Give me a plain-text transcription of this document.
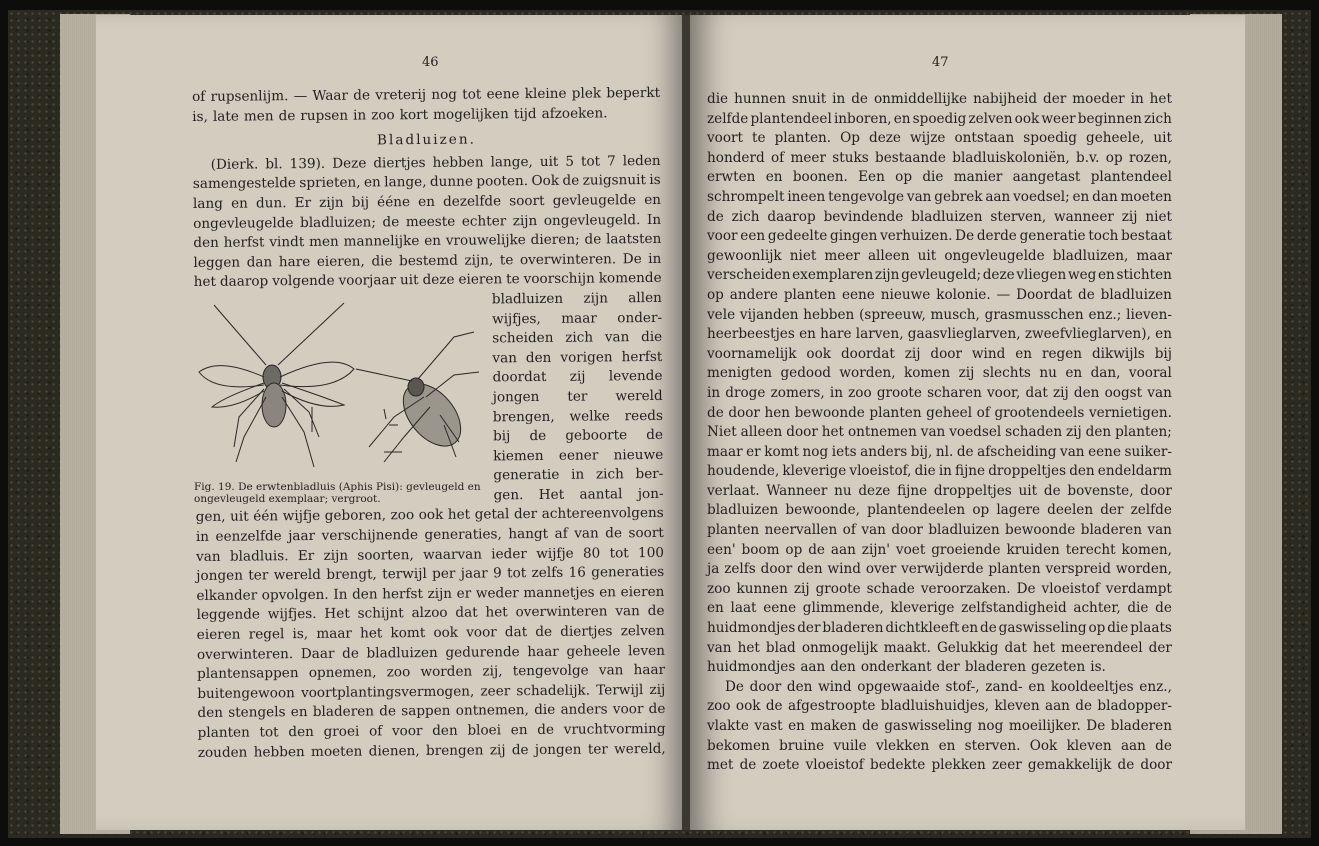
46
of rupsenlijm. — Waar de vreterij nog tot eene kleine plek beperkt
is, late men de rupsen in zoo kort mogelijken tijd afzoeken.
Bladluizen.
(Dierk. bl. 139). Deze diertjes hebben lange, uit 5 tot 7 leden
samengestelde sprieten, en lange, dunne pooten. Ook de zuigsnuit is
lang en dun. Er zijn bij ééne en dezelfde soort gevleugelde en
ongevleugelde bladluizen; de meeste echter zijn ongevleugeld. In
den herfst vindt men mannelijke en vrouwelijke dieren; de laatsten
leggen dan hare eieren, die bestemd zijn, te overwinteren. De in
het daarop volgende voorjaar uit deze eieren te voorschijn komende
bladluizen zijn allen
wijfjes, maar onder-
scheiden zich van die
van den vorigen herfst
doordat zij levende
jongen ter wereld
brengen, welke reeds
bij de geboorte de
kiemen eener nieuwe
generatie in zich ber-
gen. Het aantal jon-
gen, uit één wijfje geboren, zoo ook het getal der achtereenvolgens
in eenzelfde jaar verschijnende generaties, hangt af van de soort
van bladluis. Er zijn soorten, waarvan ieder wijfje 80 tot 100
jongen ter wereld brengt, terwijl per jaar 9 tot zelfs 16 generaties
elkander opvolgen. In den herfst zijn er weder mannetjes en eieren
leggende wijfjes. Het schijnt alzoo dat het overwinteren van de
eieren regel is, maar het komt ook voor dat de diertjes zelven
overwinteren. Daar de bladluizen gedurende haar geheele leven
plantensappen opnemen, zoo worden zij, tengevolge van haar
buitengewoon voortplantingsvermogen, zeer schadelijk. Terwijl zij
den stengels en bladeren de sappen ontnemen, die anders voor de
planten tot den groei of voor den bloei en de vruchtvorming
zouden hebben moeten dienen, brengen zij de jongen ter wereld,
Fig. 19. De erwtenbladluis (Aphis Pisi): gevleugeld en ongevleugeld exemplaar; vergroot.
47
die hunnen snuit in de onmiddellijke nabijheid der moeder in het
zelfde plantendeel inboren, en spoedig zelven ook weer beginnen zich
voort te planten. Op deze wijze ontstaan spoedig geheele, uit
honderd of meer stuks bestaande bladluiskoloniën, b.v. op rozen,
erwten en boonen. Een op die manier aangetast plantendeel
schrompelt ineen tengevolge van gebrek aan voedsel; en dan moeten
de zich daarop bevindende bladluizen sterven, wanneer zij niet
voor een gedeelte gingen verhuizen. De derde generatie toch bestaat
gewoonlijk niet meer alleen uit ongevleugelde bladluizen, maar
verscheiden exemplaren zijn gevleugeld; deze vliegen weg en stichten
op andere planten eene nieuwe kolonie. — Doordat de bladluizen
vele vijanden hebben (spreeuw, musch, grasmusschen enz.; lieven-
heerbeestjes en hare larven, gaasvlieglarven, zweefvlieglarven), en
voornamelijk ook doordat zij door wind en regen dikwijls bij
menigten gedood worden, komen zij slechts nu en dan, vooral
in droge zomers, in zoo groote scharen voor, dat zij den oogst van
de door hen bewoonde planten geheel of grootendeels vernietigen.
Niet alleen door het ontnemen van voedsel schaden zij den planten;
maar er komt nog iets anders bij, nl. de afscheiding van eene suiker-
houdende, kleverige vloeistof, die in fijne droppeltjes den endeldarm
verlaat. Wanneer nu deze fijne droppeltjes uit de bovenste, door
bladluizen bewoonde, plantendeelen op lagere deelen der zelfde
planten neervallen of van door bladluizen bewoonde bladeren van
een' boom op de aan zijn' voet groeiende kruiden terecht komen,
ja zelfs door den wind over verwijderde planten verspreid worden,
zoo kunnen zij groote schade veroorzaken. De vloeistof verdampt
en laat eene glimmende, kleverige zelfstandigheid achter, die de
huidmondjes der bladeren dichtkleeft en de gaswisseling op die plaats
van het blad onmogelijk maakt. Gelukkig dat het meerendeel der
huidmondjes aan den onderkant der bladeren gezeten is.
De door den wind opgewaaide stof-, zand- en kooldeeltjes enz.,
zoo ook de afgestroopte bladluishuidjes, kleven aan de bladopper-
vlakte vast en maken de gaswisseling nog moeilijker. De bladeren
bekomen bruine vuile vlekken en sterven. Ook kleven aan de
met de zoete vloeistof bedekte plekken zeer gemakkelijk de door
